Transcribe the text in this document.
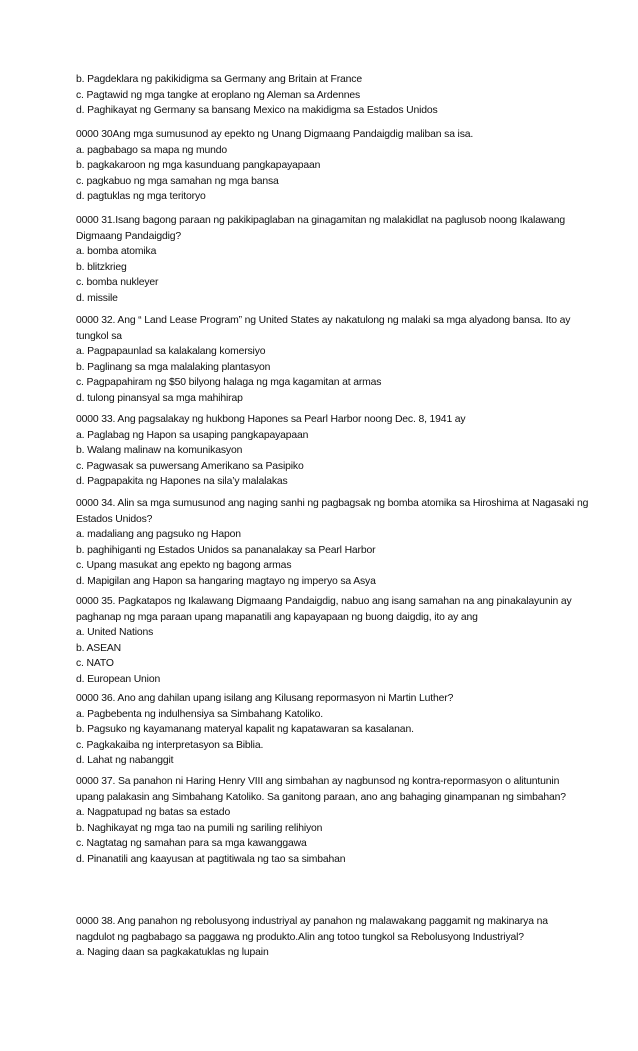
b. Pagdeklara ng pakikidigma sa Germany ang Britain at France
c. Pagtawid ng mga tangke at eroplano ng Aleman sa Ardennes
d. Paghikayat ng Germany sa bansang Mexico na makidigma sa Estados Unidos
0000 30Ang mga sumusunod ay epekto ng Unang Digmaang Pandaigdig maliban sa isa.
a. pagbabago sa mapa ng mundo
b. pagkakaroon ng mga kasunduang pangkapayapaan
c. pagkabuo ng mga samahan ng mga bansa
d. pagtuklas ng mga teritoryo
0000 31.Isang bagong paraan ng pakikipaglaban na ginagamitan ng malakidlat na paglusob noong Ikalawang
Digmaang Pandaigdig?
a. bomba atomika
b. blitzkrieg
c. bomba nukleyer
d. missile
0000 32. Ang “ Land Lease Program” ng United States ay nakatulong ng malaki sa mga alyadong bansa. Ito ay
tungkol sa
a. Pagpapaunlad sa kalakalang komersiyo
b. Paglinang sa mga malalaking plantasyon
c. Pagpapahiram ng $50 bilyong halaga ng mga kagamitan at armas
d. tulong pinansyal sa mga mahihirap
0000 33. Ang pagsalakay ng hukbong Hapones sa Pearl Harbor noong Dec. 8, 1941 ay
a. Paglabag ng Hapon sa usaping pangkapayapaan
b. Walang malinaw na komunikasyon
c. Pagwasak sa puwersang Amerikano sa Pasipiko
d. Pagpapakita ng Hapones na sila’y malalakas
0000 34. Alin sa mga sumusunod ang naging sanhi ng pagbagsak ng bomba atomika sa Hiroshima at Nagasaki ng
Estados Unidos?
a. madaliang ang pagsuko ng Hapon
b. paghihiganti ng Estados Unidos sa pananalakay sa Pearl Harbor
c. Upang masukat ang epekto ng bagong armas
d. Mapigilan ang Hapon sa hangaring magtayo ng imperyo sa Asya
0000 35. Pagkatapos ng Ikalawang Digmaang Pandaigdig, nabuo ang isang samahan na ang pinakalayunin ay
paghanap ng mga paraan upang mapanatili ang kapayapaan ng buong daigdig, ito ay ang
a. United Nations
b. ASEAN
c. NATO
d. European Union
0000 36. Ano ang dahilan upang isilang ang Kilusang repormasyon ni Martin Luther?
a. Pagbebenta ng indulhensiya sa Simbahang Katoliko.
b. Pagsuko ng kayamanang materyal kapalit ng kapatawaran sa kasalanan.
c. Pagkakaiba ng interpretasyon sa Biblia.
d. Lahat ng nabanggit
0000 37. Sa panahon ni Haring Henry VIII ang simbahan ay nagbunsod ng kontra-repormasyon o alituntunin
upang palakasin ang Simbahang Katoliko. Sa ganitong paraan, ano ang bahaging ginampanan ng simbahan?
a. Nagpatupad ng batas sa estado
b. Naghikayat ng mga tao na pumili ng sariling relihiyon
c. Nagtatag ng samahan para sa mga kawanggawa
d. Pinanatili ang kaayusan at pagtitiwala ng tao sa simbahan
0000 38. Ang panahon ng rebolusyong industriyal ay panahon ng malawakang paggamit ng makinarya na
nagdulot ng pagbabago sa paggawa ng produkto.Alin ang totoo tungkol sa Rebolusyong Industriyal?
a. Naging daan sa pagkakatuklas ng lupain
